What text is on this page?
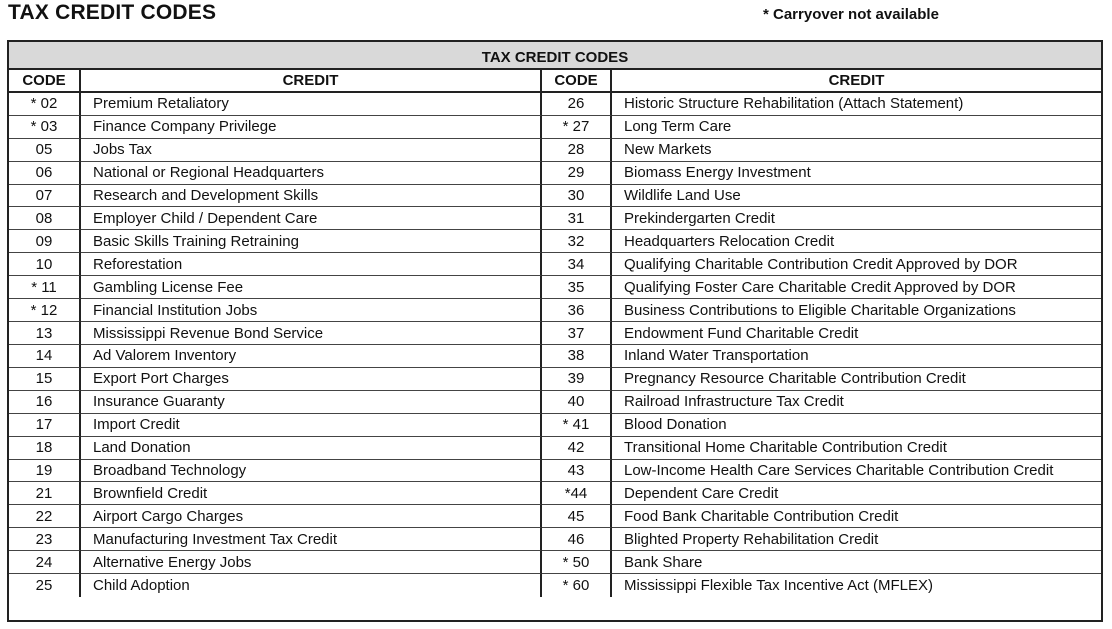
TAX CREDIT CODES	* Carryover not available
TAX CREDIT CODES
CODE	CREDIT	CODE	CREDIT
* 02	Premium Retaliatory	26	Historic Structure Rehabilitation (Attach Statement)
* 03	Finance Company Privilege	* 27	Long Term Care
05	Jobs Tax	28	New Markets
06	National or Regional Headquarters	29	Biomass Energy Investment
07	Research and Development Skills	30	Wildlife Land Use
08	Employer Child / Dependent Care	31	Prekindergarten Credit
09	Basic Skills Training Retraining	32	Headquarters Relocation Credit
10	Reforestation	34	Qualifying Charitable Contribution Credit Approved by DOR
* 11	Gambling License Fee	35	Qualifying Foster Care Charitable Credit Approved by DOR
* 12	Financial Institution Jobs	36	Business Contributions to Eligible Charitable Organizations
13	Mississippi Revenue Bond Service	37	Endowment Fund Charitable Credit
14	Ad Valorem Inventory	38	Inland Water Transportation
15	Export Port Charges	39	Pregnancy Resource Charitable Contribution Credit
16	Insurance Guaranty	40	Railroad Infrastructure Tax Credit
17	Import Credit	* 41	Blood Donation
18	Land Donation	42	Transitional Home Charitable Contribution Credit
19	Broadband Technology	43	Low-Income Health Care Services Charitable Contribution Credit
21	Brownfield Credit	*44	Dependent Care Credit
22	Airport Cargo Charges	45	Food Bank Charitable Contribution Credit
23	Manufacturing Investment Tax Credit	46	Blighted Property Rehabilitation Credit
24	Alternative Energy Jobs	* 50	Bank Share
25	Child Adoption	* 60	Mississippi Flexible Tax Incentive Act (MFLEX)
